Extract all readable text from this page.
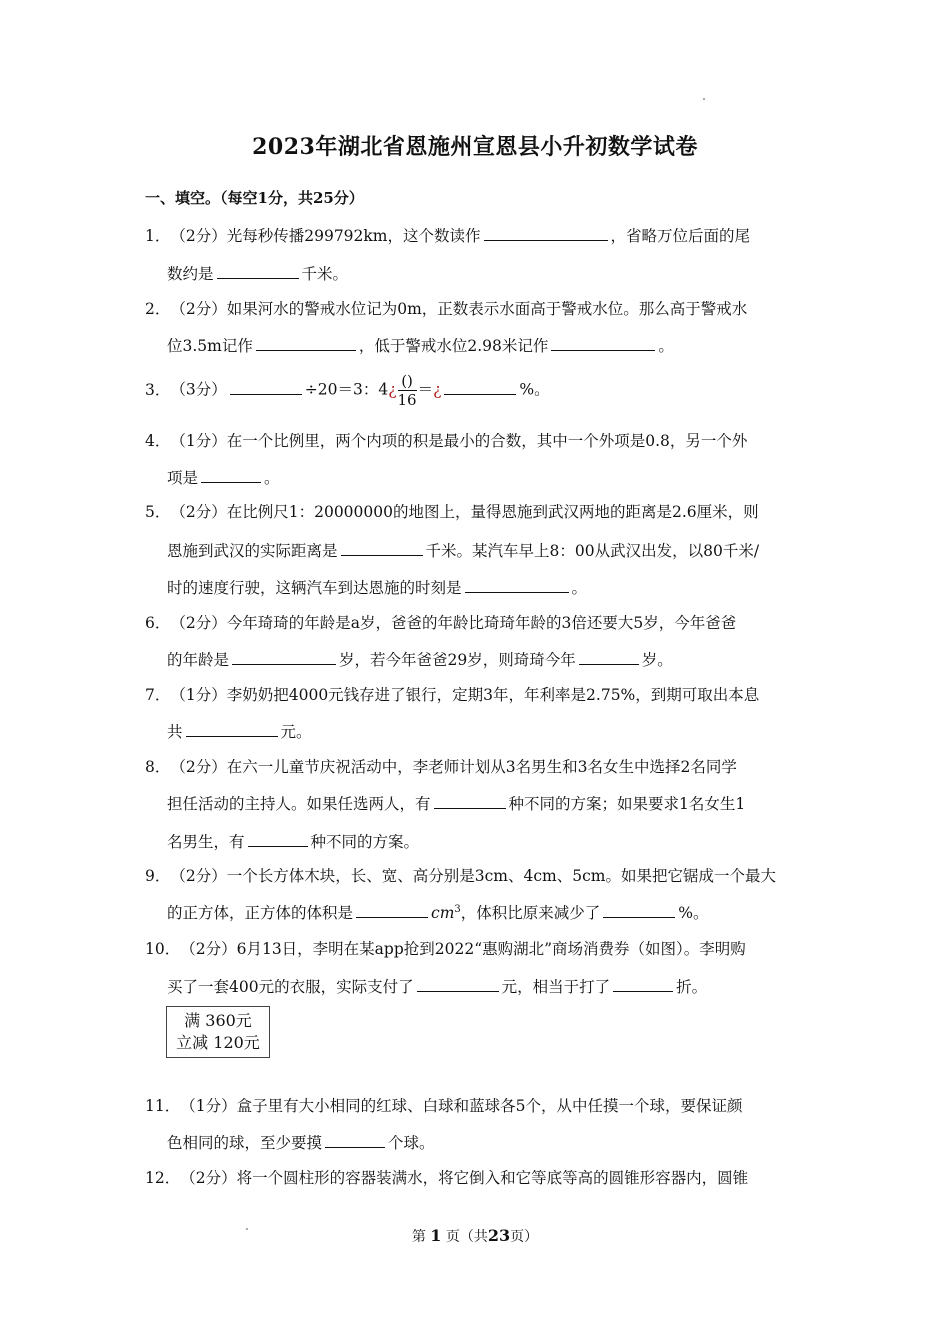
2023年湖北省恩施州宣恩县小升初数学试卷
一、填空。（每空1分，共25分）
1．（2分）光每秒传播299792km，这个数读作	，省略万位后面的尾
数约是	千米。
2．（2分）如果河水的警戒水位记为0m，正数表示水面高于警戒水位。那么高于警戒水
位3.5m记作	，低于警戒水位2.98米记作	。
3．（3分）	÷20＝3：4¿ $\frac{()}{16}$ ＝¿	%。
4．（1分）在一个比例里，两个内项的积是最小的合数，其中一个外项是0.8，另一个外
项是	。
5．（2分）在比例尺1：20000000的地图上，量得恩施到武汉两地的距离是2.6厘米，则
恩施到武汉的实际距离是	千米。某汽车早上8：00从武汉出发，以80千米/
时的速度行驶，这辆汽车到达恩施的时刻是	。
6．（2分）今年琦琦的年龄是a岁，爸爸的年龄比琦琦年龄的3倍还要大5岁，今年爸爸
的年龄是	岁，若今年爸爸29岁，则琦琦今年	岁。
7．（1分）李奶奶把4000元钱存进了银行，定期3年，年利率是2.75%，到期可取出本息
共	元。
8．（2分）在六一儿童节庆祝活动中，李老师计划从3名男生和3名女生中选择2名同学
担任活动的主持人。如果任选两人，有	种不同的方案；如果要求1名女生1
名男生，有	种不同的方案。
9．（2分）一个长方体木块，长、宽、高分别是3cm、4cm、5cm。如果把它锯成一个最大
的正方体，正方体的体积是	$cm^3$，体积比原来减少了	%。
10．（2分）6月13日，李明在某app抢到2022“惠购湖北”商场消费券（如图）。李明购
买了一套400元的衣服，实际支付了	元，相当于打了	折。
满 360元
立减 120元
11．（1分）盒子里有大小相同的红球、白球和蓝球各5个，从中任摸一个球，要保证颜
色相同的球，至少要摸	个球。
12．（2分）将一个圆柱形的容器装满水，将它倒入和它等底等高的圆锥形容器内，圆锥
第 1 页（共23页）
